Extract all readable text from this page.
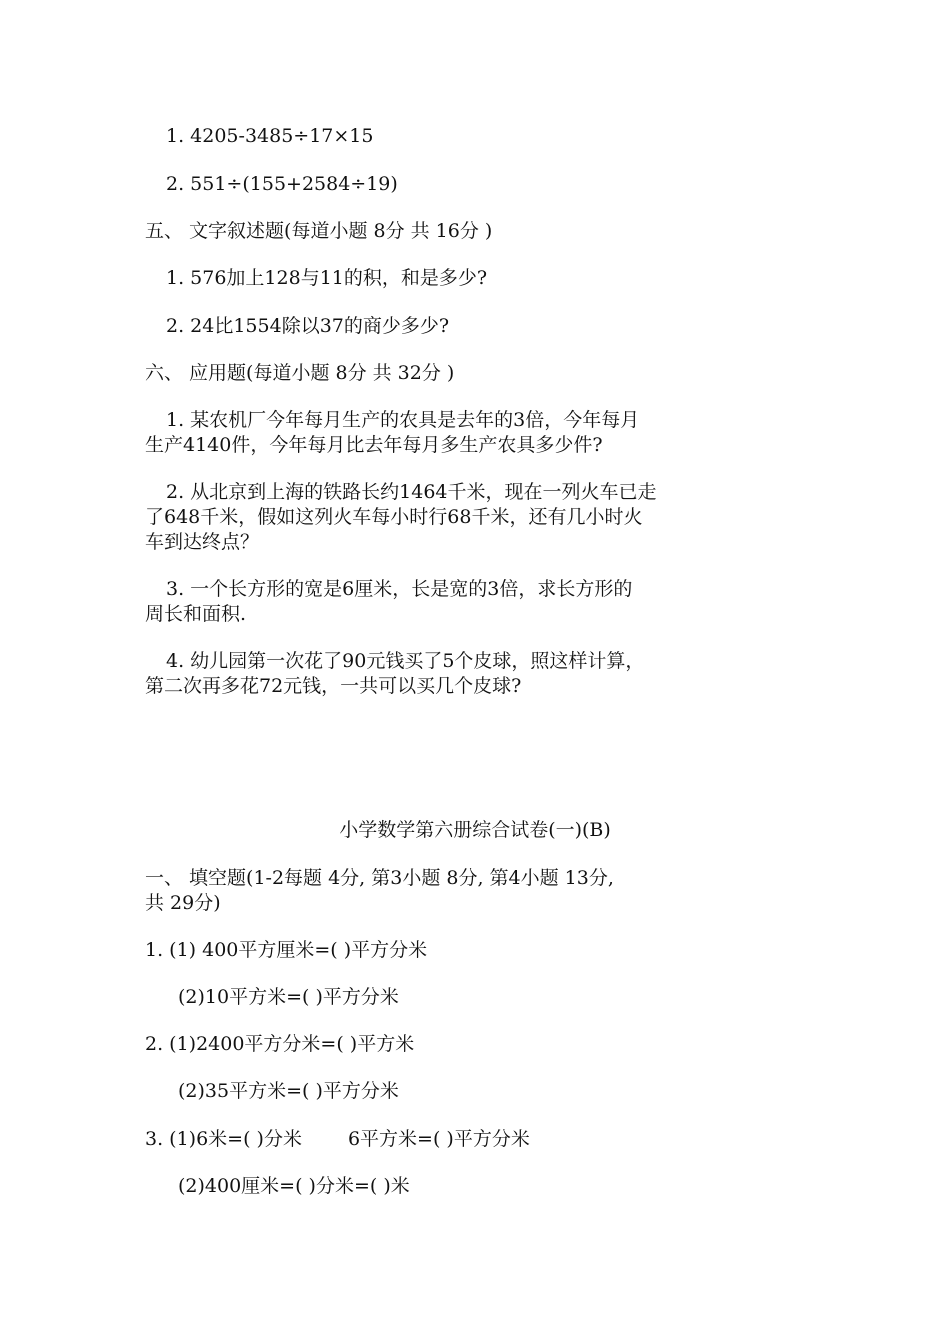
1. 4205-3485÷17×15
2. 551÷(155+2584÷19)
五、 文字叙述题(每道小题 8分 共 16分 )
1. 576加上128与11的积，和是多少?
2. 24比1554除以37的商少多少?
六、 应用题(每道小题 8分 共 32分 )
1. 某农机厂今年每月生产的农具是去年的3倍，今年每月
生产4140件，今年每月比去年每月多生产农具多少件?
2. 从北京到上海的铁路长约1464千米，现在一列火车已走
了648千米，假如这列火车每小时行68千米，还有几小时火
车到达终点？
3. 一个长方形的宽是6厘米，长是宽的3倍，求长方形的
周长和面积.
4. 幼儿园第一次花了90元钱买了5个皮球，照这样计算，
第二次再多花72元钱，一共可以买几个皮球?
小学数学第六册综合试卷(一)(B)
一、 填空题(1-2每题 4分, 第3小题 8分, 第4小题 13分,
共 29分)
1. (1) 400平方厘米=( )平方分米
(2)10平方米=( )平方分米
2. (1)2400平方分米=( )平方米
(2)35平方米=( )平方分米
3. (1)6米=( )分米 6平方米=( )平方分米
(2)400厘米=( )分米=( )米
